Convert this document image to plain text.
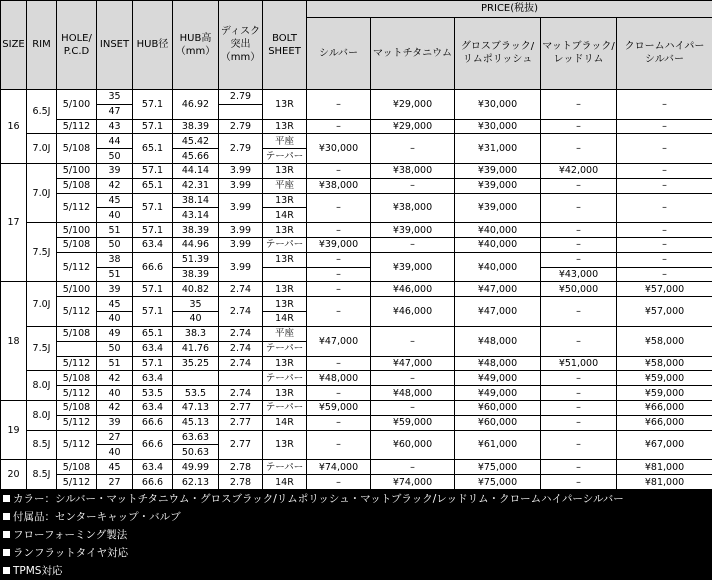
SIZE	RIM	HOLE/
P.C.D	INSET	HUB径	HUB高
（mm）	ディスク
突出
（mm）	BOLT
SHEET	PRICE(税抜)				
								シルバー	マットチタニウム	グロスブラック/
リムポリッシュ	マットブラック/
レッドリム	クロームハイパー
シルバー
16	6.5J	5/100	35	57.1	46.92	2.79	13R	–	¥29,000	¥30,000	–	–
			47									
		5/112	43	57.1	38.39	2.79	13R	–	¥29,000	¥30,000	–	–
	7.0J	5/108	44	65.1	45.42	2.79	平座	¥30,000	–	¥31,000	–	–
			50		45.66		テーパー					
17	7.0J	5/100	39	57.1	44.14	3.99	13R	–	¥38,000	¥39,000	¥42,000	–
		5/108	42	65.1	42.31	3.99	平座	¥38,000	–	¥39,000	–	–
		5/112	45	57.1	38.14	3.99	13R	–	¥38,000	¥39,000	–	–
			40		43.14		14R					
	7.5J	5/100	51	57.1	38.39	3.99	13R	–	¥39,000	¥40,000	–	–
		5/108	50	63.4	44.96	3.99	テーパー	¥39,000	–	¥40,000	–	–
		5/112	38	66.6	51.39	3.99	13R	–	¥39,000	¥40,000	–	–
			51		38.39			–			¥43,000	–
18	7.0J	5/100	39	57.1	40.82	2.74	13R	–	¥46,000	¥47,000	¥50,000	¥57,000
		5/112	45	57.1	35	2.74	13R	–	¥46,000	¥47,000	–	¥57,000
			40		40		14R					
	7.5J	5/108	49	65.1	38.3	2.74	平座	¥47,000	–	¥48,000	–	¥58,000
			50	63.4	41.76	2.74	テーパー					
		5/112	51	57.1	35.25	2.74	13R	–	¥47,000	¥48,000	¥51,000	¥58,000
	8.0J	5/108	42	63.4			テーパー	¥48,000	–	¥49,000	–	¥59,000
		5/112	40	53.5	53.5	2.74	13R	–	¥48,000	¥49,000	–	¥59,000
19	8.0J	5/108	42	63.4	47.13	2.77	テーパー	¥59,000	–	¥60,000	–	¥66,000
		5/112	39	66.6	45.13	2.77	14R	–	¥59,000	¥60,000	–	¥66,000
	8.5J	5/112	27	66.6	63.63	2.77	13R	–	¥60,000	¥61,000	–	¥67,000
			40		50.63							
20	8.5J	5/108	45	63.4	49.99	2.78	テーパー	¥74,000	–	¥75,000	–	¥81,000
		5/112	27	66.6	62.13	2.78	14R	–	¥74,000	¥75,000	–	¥81,000
カラー：シルバー・マットチタニウム・グロスブラック/リムポリッシュ・マットブラック/レッドリム・クロームハイパーシルバー
付属品：センターキャップ・バルブ
フローフォーミング製法
ランフラットタイヤ対応
TPMS対応
